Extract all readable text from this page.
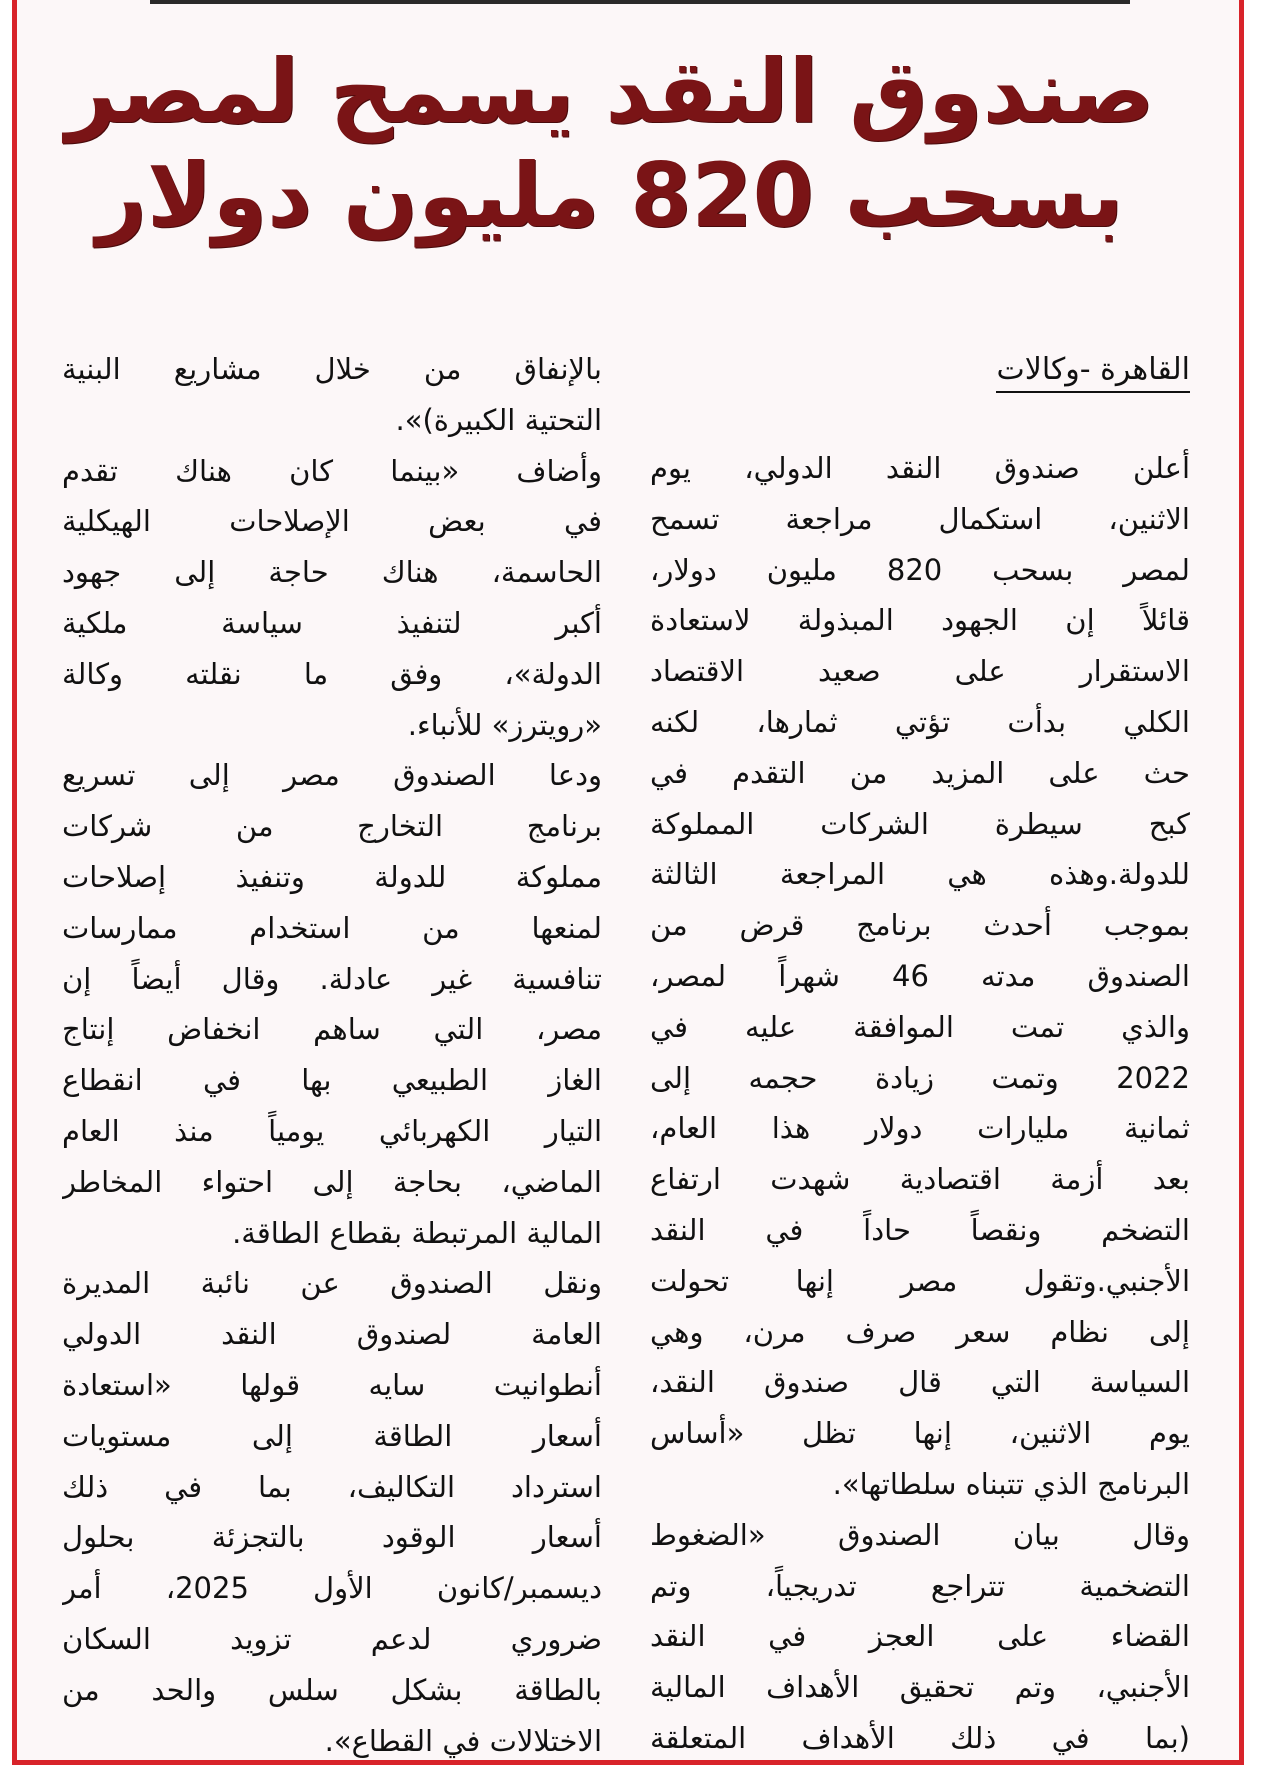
صندوق النقد يسمح لمصر
بسحب 820 مليون دولار
القاهرة -وكالات
أعلن صندوق النقد الدولي، يوم
الاثنين، استكمال مراجعة تسمح
لمصر بسحب 820 مليون دولار،
قائلاً إن الجهود المبذولة لاستعادة
الاستقرار على صعيد الاقتصاد
الكلي بدأت تؤتي ثمارها، لكنه
حث على المزيد من التقدم في
كبح سيطرة الشركات المملوكة
للدولة.وهذه هي المراجعة الثالثة
بموجب أحدث برنامج قرض من
الصندوق مدته 46 شهراً لمصر،
والذي تمت الموافقة عليه في
2022 وتمت زيادة حجمه إلى
ثمانية مليارات دولار هذا العام،
بعد أزمة اقتصادية شهدت ارتفاع
التضخم ونقصاً حاداً في النقد
الأجنبي.وتقول مصر إنها تحولت
إلى نظام سعر صرف مرن، وهي
السياسة التي قال صندوق النقد،
يوم الاثنين، إنها تظل «أساس
البرنامج الذي تتبناه سلطاتها».
وقال بيان الصندوق «الضغوط
التضخمية تتراجع تدريجياً، وتم
القضاء على العجز في النقد
الأجنبي، وتم تحقيق الأهداف المالية
(بما في ذلك الأهداف المتعلقة
بالإنفاق من خلال مشاريع البنية
التحتية الكبيرة)».
وأضاف «بينما كان هناك تقدم
في بعض الإصلاحات الهيكلية
الحاسمة، هناك حاجة إلى جهود
أكبر لتنفيذ سياسة ملكية
الدولة»، وفق ما نقلته وكالة
«رويترز» للأنباء.
ودعا الصندوق مصر إلى تسريع
برنامج التخارج من شركات
مملوكة للدولة وتنفيذ إصلاحات
لمنعها من استخدام ممارسات
تنافسية غير عادلة. وقال أيضاً إن
مصر، التي ساهم انخفاض إنتاج
الغاز الطبيعي بها في انقطاع
التيار الكهربائي يومياً منذ العام
الماضي، بحاجة إلى احتواء المخاطر
المالية المرتبطة بقطاع الطاقة.
ونقل الصندوق عن نائبة المديرة
العامة لصندوق النقد الدولي
أنطوانيت سايه قولها «استعادة
أسعار الطاقة إلى مستويات
استرداد التكاليف، بما في ذلك
أسعار الوقود بالتجزئة بحلول
ديسمبر/كانون الأول 2025، أمر
ضروري لدعم تزويد السكان
بالطاقة بشكل سلس والحد من
الاختلالات في القطاع».
